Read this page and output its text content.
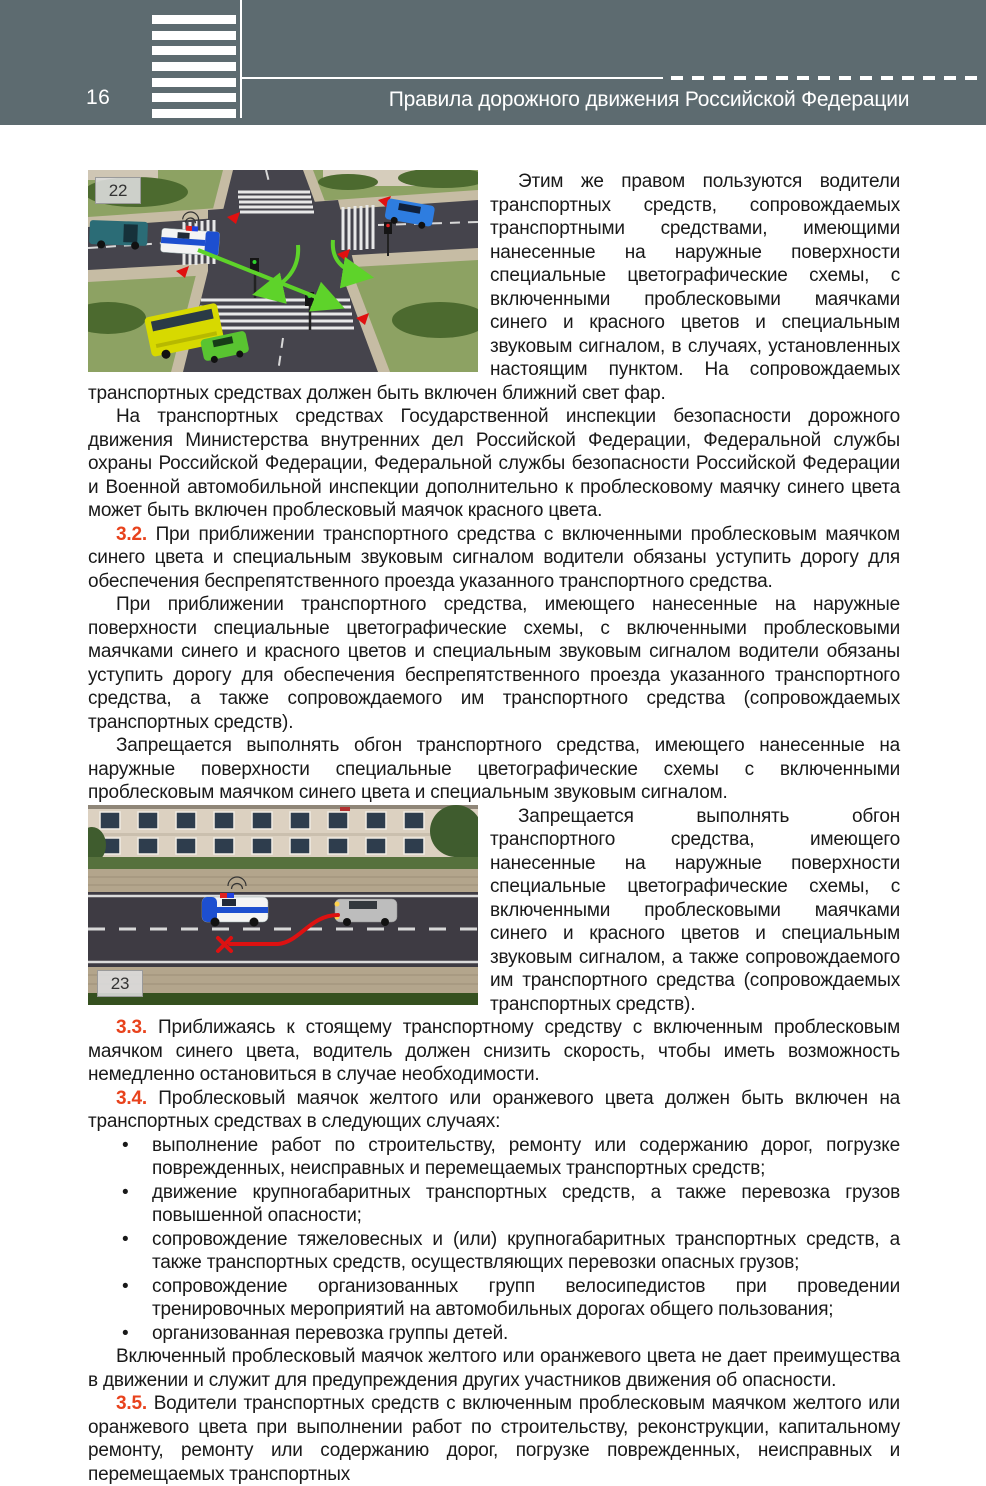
16	Правила дорожного движения Российской Федерации
22	Этим же правом пользуются водители транспортных средств, сопровождаемых транспортными средствами, имеющими нанесенные на наружные поверхности специальные цветографические схемы, с включенными проблесковыми маячками синего и красного цветов и специальным звуковым сигналом, в случаях, установленных настоящим пунктом. На сопровождаемых транспортных средствах должен быть включен ближний свет фар.

На транспортных средствах Государственной инспекции безопасности дорожного движения Министерства внутренних дел Российской Федерации, Федеральной службы охраны Российской Федерации, Федеральной службы безопасности Российской Федерации и Военной автомобильной инспекции дополнительно к проблесковому маячку синего цвета может быть включен проблесковый маячок красного цвета.

3.2. При приближении транспортного средства с включенными проблесковым маячком синего цвета и специальным звуковым сигналом водители обязаны уступить дорогу для обеспечения беспрепятственного проезда указанного транспортного средства.

При приближении транспортного средства, имеющего нанесенные на наружные поверхности специальные цветографические схемы, с включенными проблесковыми маячками синего и красного цветов и специальным звуковым сигналом водители обязаны уступить дорогу для обеспечения беспрепятственного проезда указанного транспортного средства, а также сопровождаемого им транспортного средства (сопровождаемых транспортных средств).

Запрещается выполнять обгон транспортного средства, имеющего нанесенные на наружные поверхности специальные цветографические схемы с включенными проблесковым маячком синего цвета и специальным звуковым сигналом.

23

Запрещается выполнять обгон транспортного средства, имеющего нанесенные на наружные поверхности специальные цветографические схемы, с включенными проблесковыми маячками синего и красного цветов и специальным звуковым сигналом, а также сопровождаемого им транспортного средства (сопровождаемых транспортных средств).

3.3. Приближаясь к стоящему транспортному средству с включенным проблесковым маячком синего цвета, водитель должен снизить скорость, чтобы иметь возможность немедленно остановиться в случае необходимости.

3.4. Проблесковый маячок желтого или оранжевого цвета должен быть включен на транспортных средствах в следующих случаях:

• выполнение работ по строительству, ремонту или содержанию дорог, погрузке поврежденных, неисправных и перемещаемых транспортных средств;
• движение крупногабаритных транспортных средств, а также перевозка грузов повышенной опасности;
• сопровождение тяжеловесных и (или) крупногабаритных транспортных средств, а также транспортных средств, осуществляющих перевозки опасных грузов;
• сопровождение организованных групп велосипедистов при проведении тренировочных мероприятий на автомобильных дорогах общего пользования;
• организованная перевозка группы детей.

Включенный проблесковый маячок желтого или оранжевого цвета не дает преимущества в движении и служит для предупреждения других участников движения об опасности.

3.5. Водители транспортных средств с включенным проблесковым маячком желтого или оранжевого цвета при выполнении работ по строительству, реконструкции, капитальному ремонту, ремонту или содержанию дорог, погрузке поврежденных, неисправных и перемещаемых транспортных
